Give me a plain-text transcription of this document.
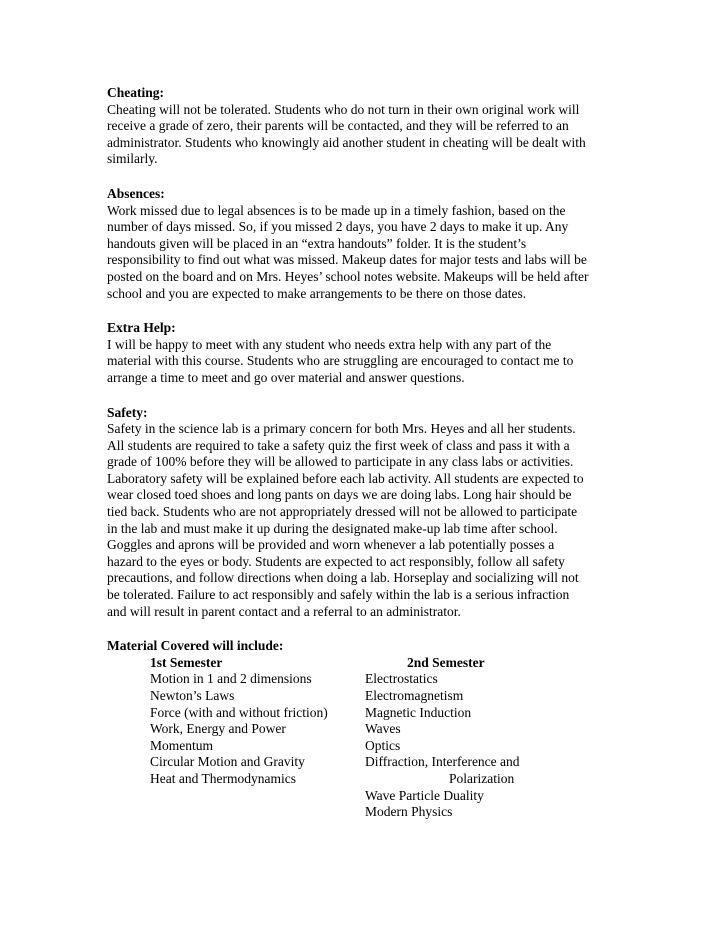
Cheating:
Cheating will not be tolerated. Students who do not turn in their own original work will
receive a grade of zero, their parents will be contacted, and they will be referred to an
administrator. Students who knowingly aid another student in cheating will be dealt with
similarly.
Absences:
Work missed due to legal absences is to be made up in a timely fashion, based on the
number of days missed. So, if you missed 2 days, you have 2 days to make it up. Any
handouts given will be placed in an “extra handouts” folder. It is the student’s
responsibility to find out what was missed. Makeup dates for major tests and labs will be
posted on the board and on Mrs. Heyes’ school notes website. Makeups will be held after
school and you are expected to make arrangements to be there on those dates.
Extra Help:
I will be happy to meet with any student who needs extra help with any part of the
material with this course. Students who are struggling are encouraged to contact me to
arrange a time to meet and go over material and answer questions.
Safety:
Safety in the science lab is a primary concern for both Mrs. Heyes and all her students.
All students are required to take a safety quiz the first week of class and pass it with a
grade of 100% before they will be allowed to participate in any class labs or activities.
Laboratory safety will be explained before each lab activity. All students are expected to
wear closed toed shoes and long pants on days we are doing labs. Long hair should be
tied back. Students who are not appropriately dressed will not be allowed to participate
in the lab and must make it up during the designated make-up lab time after school.
Goggles and aprons will be provided and worn whenever a lab potentially posses a
hazard to the eyes or body. Students are expected to act responsibly, follow all safety
precautions, and follow directions when doing a lab. Horseplay and socializing will not
be tolerated. Failure to act responsibly and safely within the lab is a serious infraction
and will result in parent contact and a referral to an administrator.
Material Covered will include:
1st Semester
Motion in 1 and 2 dimensions
Newton’s Laws
Force (with and without friction)
Work, Energy and Power
Momentum
Circular Motion and Gravity
Heat and Thermodynamics
2nd Semester
Electrostatics
Electromagnetism
Magnetic Induction
Waves
Optics
Diffraction, Interference and
Polarization
Wave Particle Duality
Modern Physics
